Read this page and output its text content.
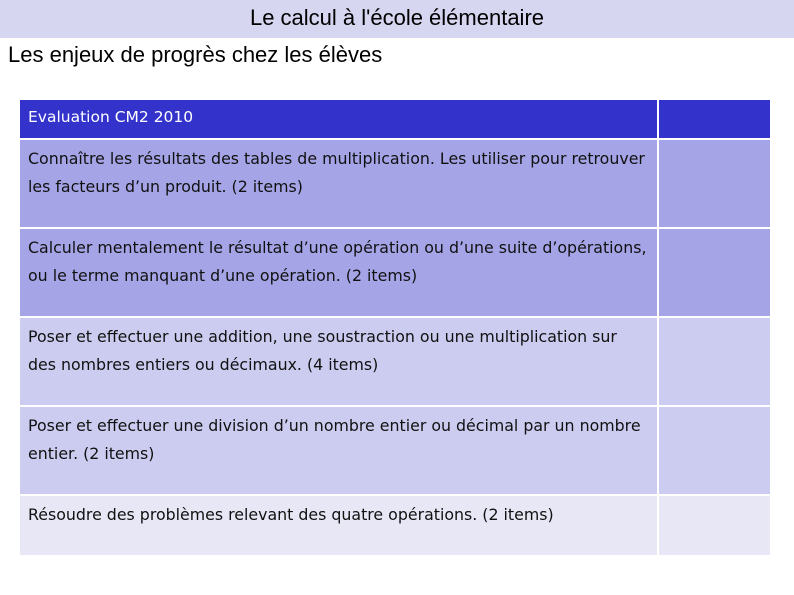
Le calcul à l'école élémentaire
Les enjeux de progrès chez les élèves
Evaluation CM2 2010	

Connaître les résultats des tables de multiplication. Les utiliser pour retrouver les facteurs d’un produit. (2 items)	

Calculer mentalement le résultat d’une opération ou d’une suite d’opérations, ou le terme manquant d’une opération. (2 items)	

Poser et effectuer une addition, une soustraction ou une multiplication sur des nombres entiers ou décimaux. (4 items)	

Poser et effectuer une division d’un nombre entier ou décimal par un nombre entier. (2 items)	

Résoudre des problèmes relevant des quatre opérations. (2 items)	
